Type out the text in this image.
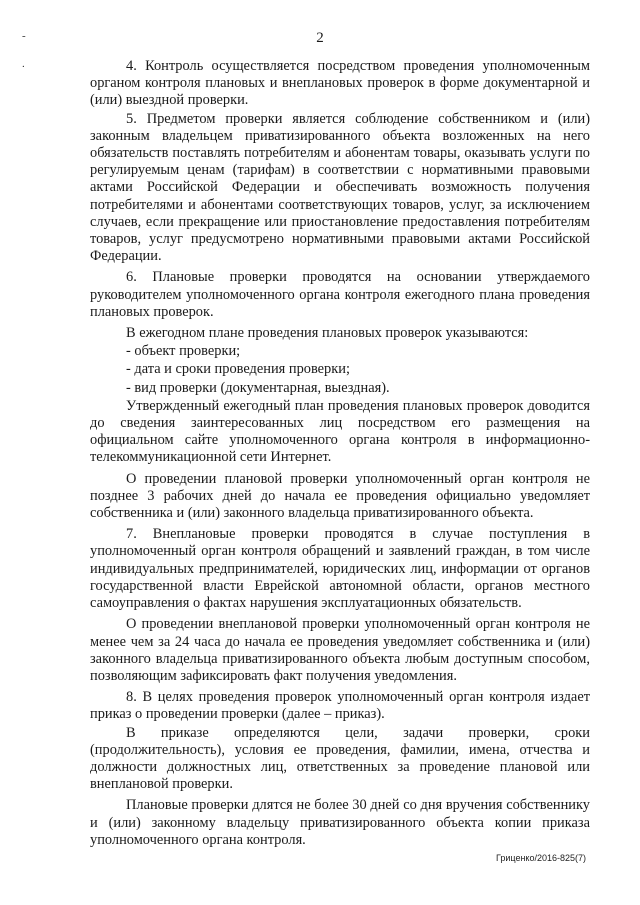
2
-
.	4. Контроль осуществляется посредством проведения уполномоченным органом контроля плановых и внеплановых проверок в форме документарной и (или) выездной проверки.

5. Предметом проверки является соблюдение собственником и (или) законным владельцем приватизированного объекта возложенных на него обязательств поставлять потребителям и абонентам товары, оказывать услуги по регулируемым ценам (тарифам) в соответствии с нормативными правовыми актами Российской Федерации и обеспечивать возможность получения потребителями и абонентами соответствующих товаров, услуг, за исключением случаев, если прекращение или приостановление предоставления потребителям товаров, услуг предусмотрено нормативными правовыми актами Российской Федерации.

6. Плановые проверки проводятся на основании утверждаемого руководителем уполномоченного органа контроля ежегодного плана проведения плановых проверок.

В ежегодном плане проведения плановых проверок указываются:

- объект проверки;

- дата и сроки проведения проверки;

- вид проверки (документарная, выездная).

Утвержденный ежегодный план проведения плановых проверок доводится до сведения заинтересованных лиц посредством его размещения на официальном сайте уполномоченного органа контроля в информационно-телекоммуникационной сети Интернет.

О проведении плановой проверки уполномоченный орган контроля не позднее 3 рабочих дней до начала ее проведения официально уведомляет собственника и (или) законного владельца приватизированного объекта.

7. Внеплановые проверки проводятся в случае поступления в уполномоченный орган контроля обращений и заявлений граждан, в том числе индивидуальных предпринимателей, юридических лиц, информации от органов государственной власти Еврейской автономной области, органов местного самоуправления о фактах нарушения эксплуатационных обязательств.

О проведении внеплановой проверки уполномоченный орган контроля не менее чем за 24 часа до начала ее проведения уведомляет собственника и (или) законного владельца приватизированного объекта любым доступным способом, позволяющим зафиксировать факт получения уведомления.

8. В целях проведения проверок уполномоченный орган контроля издает приказ о проведении проверки (далее – приказ).

В приказе определяются цели, задачи проверки, сроки (продолжительность), условия ее проведения, фамилии, имена, отчества и должности должностных лиц, ответственных за проведение плановой или внеплановой проверки.

Плановые проверки длятся не более 30 дней со дня вручения собственнику и (или) законному владельцу приватизированного объекта копии приказа уполномоченного органа контроля.

Гриценко/2016-825(7)
